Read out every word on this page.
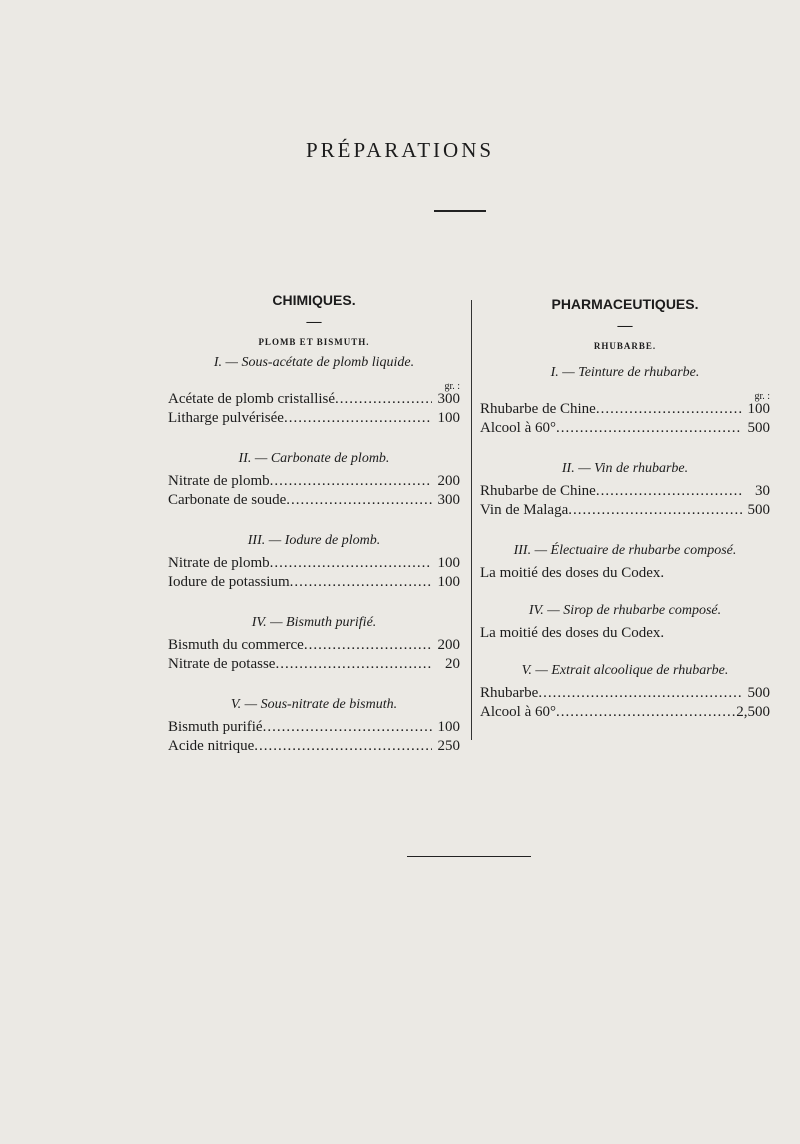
PRÉPARATIONS
CHIMIQUES.
—
PLOMB ET BISMUTH.
I. — Sous-acétate de plomb liquide.
gr. :
Acétate de plomb cristallisé .....	300
Litharge pulvérisée .....	100
II. — Carbonate de plomb.
Nitrate de plomb .....	200
Carbonate de soude .....	300
III. — Iodure de plomb.
Nitrate de plomb .....	100
Iodure de potassium .....	100
IV. — Bismuth purifié.
Bismuth du commerce .....	200
Nitrate de potasse .....	20
V. — Sous-nitrate de bismuth.
Bismuth purifié .....	100
Acide nitrique .....	250
PHARMACEUTIQUES.
—
RHUBARBE.
I. — Teinture de rhubarbe.
gr. :
Rhubarbe de Chine .....	100
Alcool à 60° .....	500
II. — Vin de rhubarbe.
Rhubarbe de Chine .....	30
Vin de Malaga .....	500
III. — Électuaire de rhubarbe composé.
La moitié des doses du Codex.
IV. — Sirop de rhubarbe composé.
La moitié des doses du Codex.
V. — Extrait alcoolique de rhubarbe.
Rhubarbe .....	500
Alcool à 60° .....	2,500
